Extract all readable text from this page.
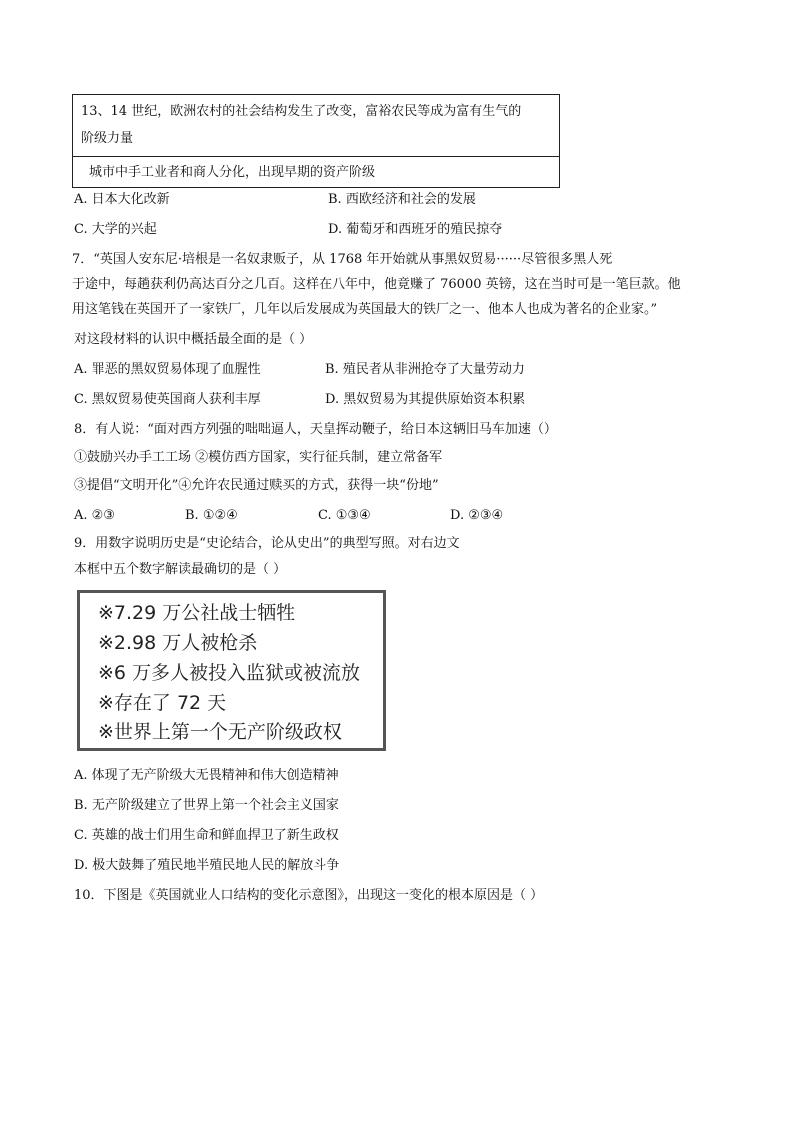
13、14 世纪，欧洲农村的社会结构发生了改变，富裕农民等成为富有生气的
阶级力量
城市中手工业者和商人分化，出现早期的资产阶级
A. 日本大化改新	B. 西欧经济和社会的发展
C. 大学的兴起	D. 葡萄牙和西班牙的殖民掠夺
7．“英国人安东尼·培根是一名奴隶贩子，从 1768 年开始就从事黑奴贸易······尽管很多黑人死
于途中，每趟获利仍高达百分之几百。这样在八年中，他竟赚了 76000 英镑，这在当时可是一笔巨款。他
用这笔钱在英国开了一家铁厂，几年以后发展成为英国最大的铁厂之一、他本人也成为著名的企业家。”
对这段材料的认识中概括最全面的是（ ）
A. 罪恶的黑奴贸易体现了血腥性	B. 殖民者从非洲抢夺了大量劳动力
C. 黑奴贸易使英国商人获利丰厚	D. 黑奴贸易为其提供原始资本积累
8．有人说：“面对西方列强的咄咄逼人，天皇挥动鞭子，给日本这辆旧马车加速（）
①鼓励兴办手工工场 ②模仿西方国家，实行征兵制，建立常备军
③提倡“文明开化”④允许农民通过赎买的方式，获得一块“份地”
A. ②③	B. ①②④	C. ①③④	D. ②③④
9．用数字说明历史是“史论结合，论从史出”的典型写照。对右边文
本框中五个数字解读最确切的是（ ）
※7.29 万公社战士牺牲
※2.98 万人被枪杀
※6 万多人被投入监狱或被流放
※存在了 72 天
※世界上第一个无产阶级政权
A. 体现了无产阶级大无畏精神和伟大创造精神
B. 无产阶级建立了世界上第一个社会主义国家
C. 英雄的战士们用生命和鲜血捍卫了新生政权
D. 极大鼓舞了殖民地半殖民地人民的解放斗争
10．下图是《英国就业人口结构的变化示意图》，出现这一变化的根本原因是（ ）
